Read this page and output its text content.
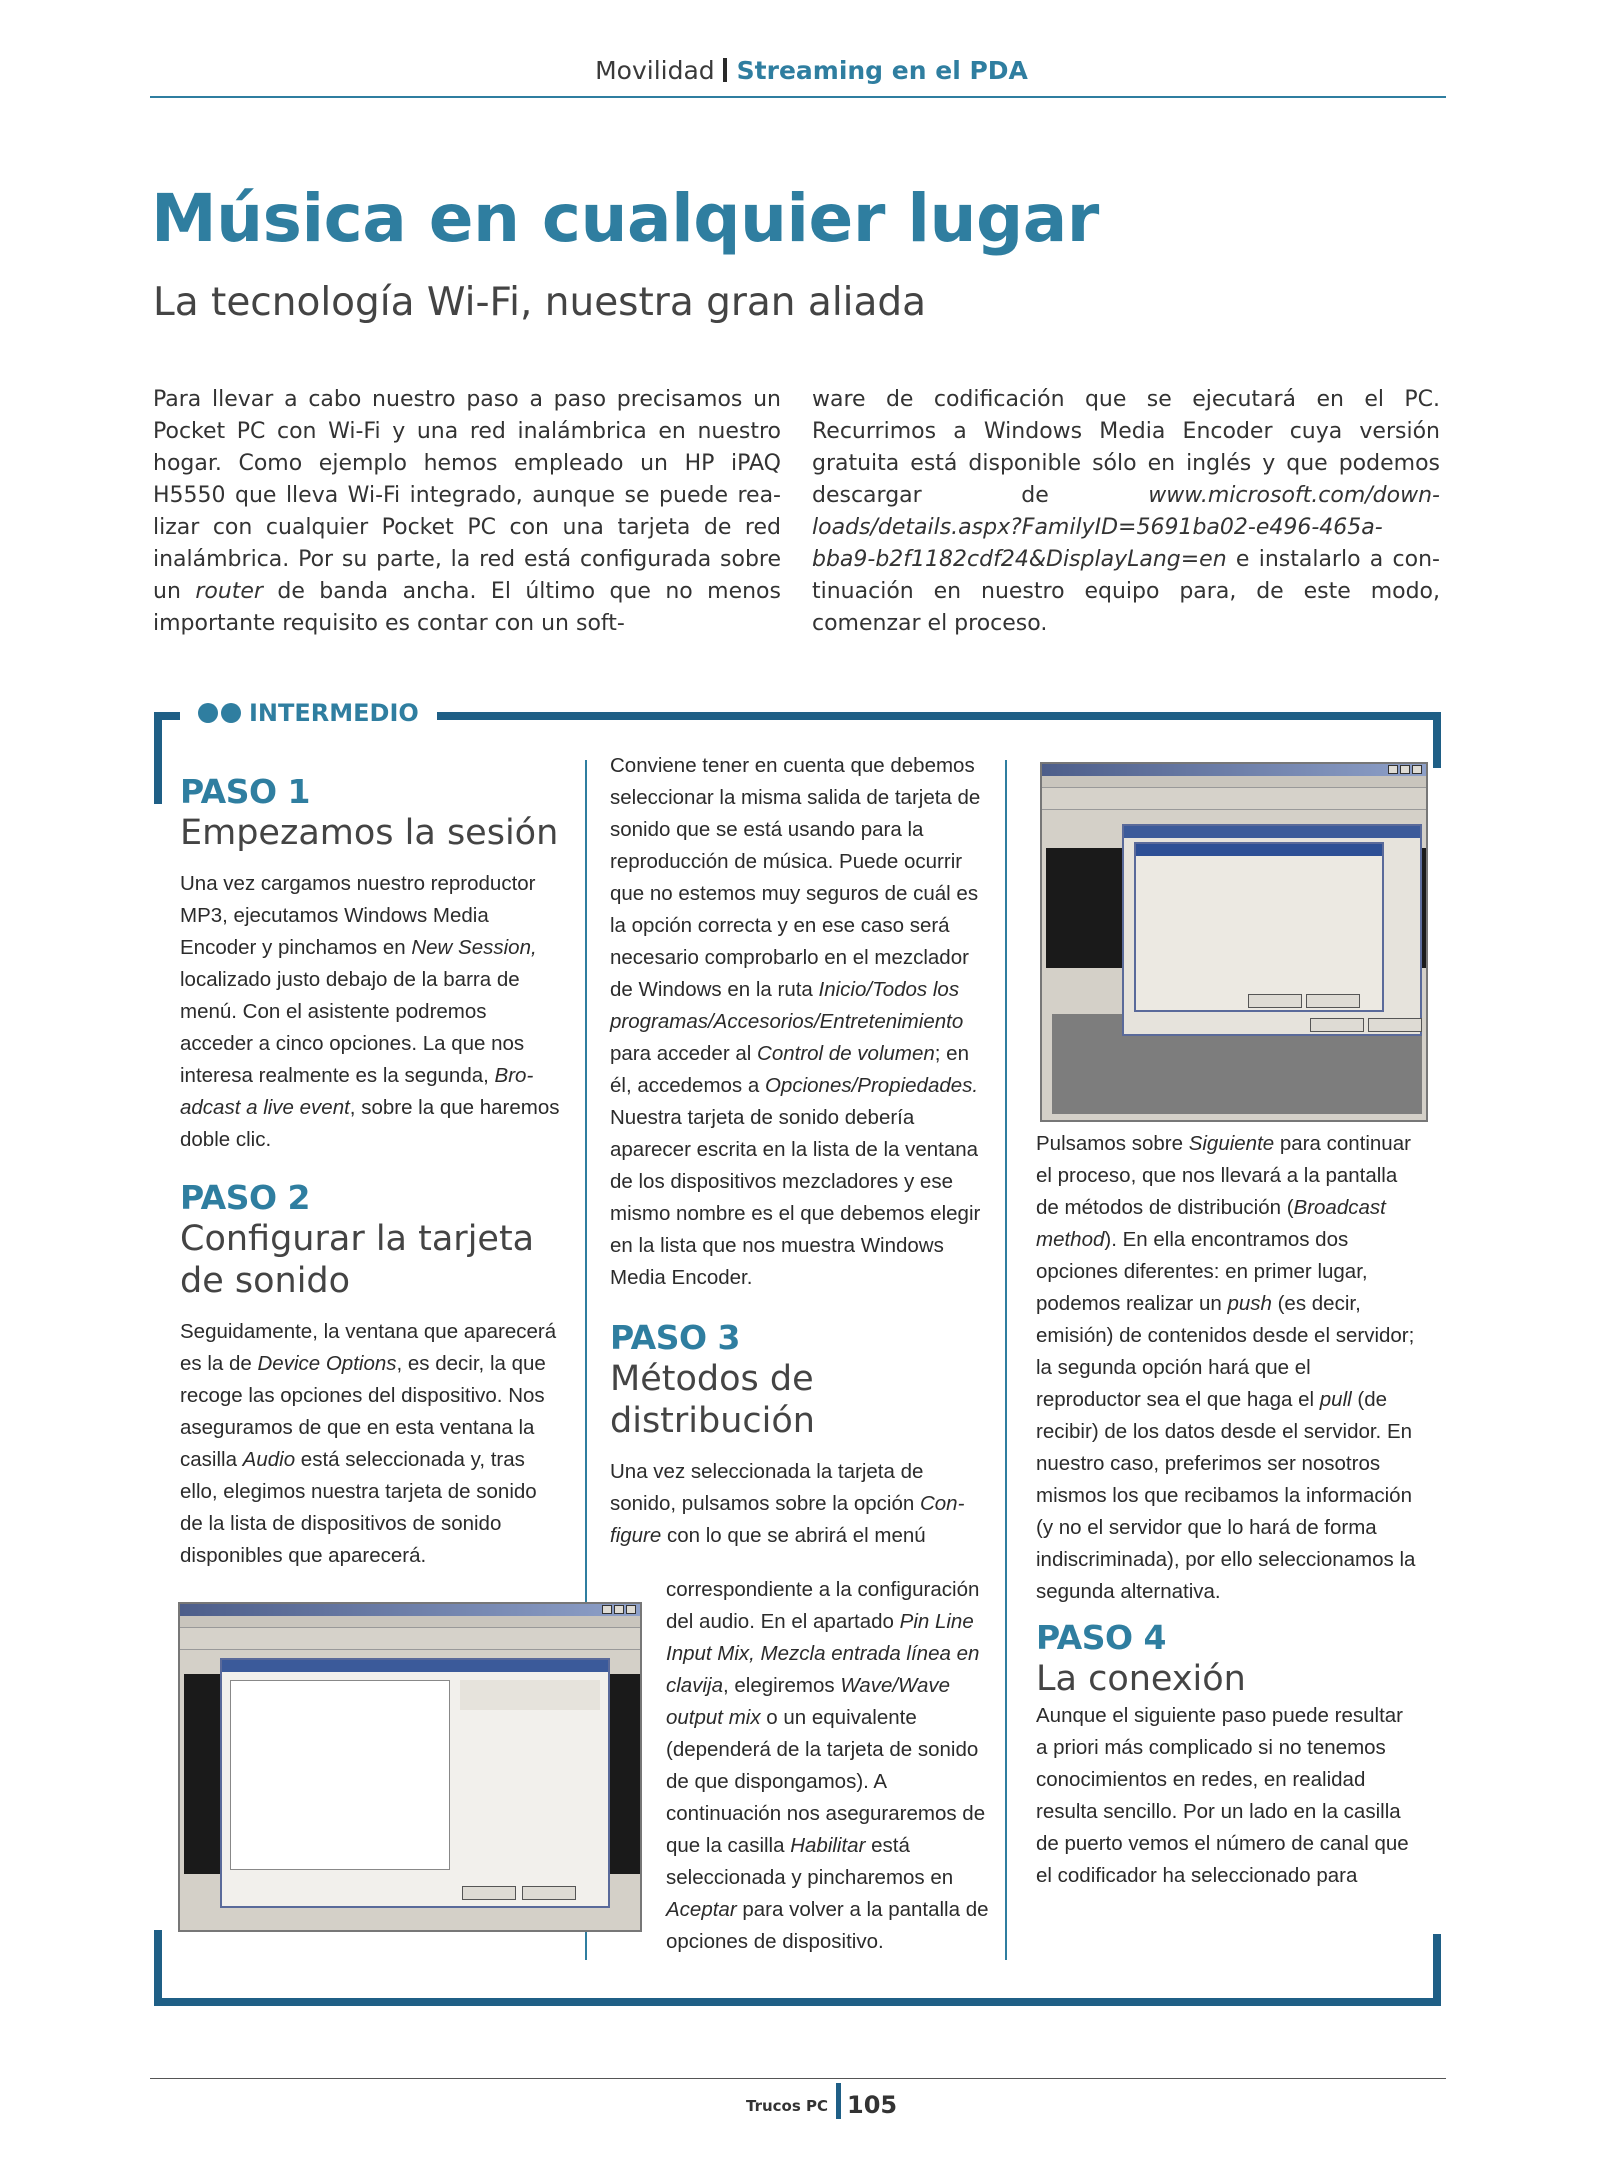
Movilidad Streaming en el PDA
Música en cualquier lugar
La tecnología Wi-Fi, nuestra gran aliada
Para llevar a cabo nuestro paso a paso precisamos un Pocket PC con Wi-Fi y una red inalámbrica en nuestro hogar. Como ejemplo hemos empleado un HP iPAQ H5550 que lleva Wi-Fi integrado, aunque se puede realizar con cualquier Pocket PC con una tarjeta de red inalámbrica. Por su parte, la red está configurada sobre un router de banda ancha. El último que no menos importante requisito es contar con un soft-
ware de codificación que se ejecutará en el PC. Recurrimos a Windows Media Encoder cuya versión gratuita está disponible sólo en inglés y que podemos descargar de www.microsoft.com/downloads/details.aspx?FamilyID=5691ba02-e496-465a-bba9-b2f1182cdf24&DisplayLang=en e instalarlo a continuación en nuestro equipo para, de este modo, comenzar el proceso.
INTERMEDIO
PASO 1
Empezamos la sesión

Una vez cargamos nuestro reproductor MP3, ejecutamos Windows Media Encoder y pinchamos en New Session, localizado justo debajo de la barra de menú. Con el asistente podremos acceder a cinco opciones. La que nos interesa realmente es la segunda, Broadcast a live event, sobre la que haremos doble clic.

PASO 2
Configurar la tarjeta de sonido

Seguidamente, la ventana que aparecerá es la de Device Options, es decir, la que recoge las opciones del dispositivo. Nos aseguramos de que en esta ventana la casilla Audio está seleccionada y, tras ello, elegimos nuestra tarjeta de sonido de la lista de dispositivos de sonido disponibles que aparecerá.

Conviene tener en cuenta que debemos seleccionar la misma salida de tarjeta de sonido que se está usando para la reproducción de música. Puede ocurrir que no estemos muy seguros de cuál es la opción correcta y en ese caso será necesario comprobarlo en el mezclador de Windows en la ruta Inicio/Todos los programas/Accesorios/Entretenimiento para acceder al Control de volumen; en él, accedemos a Opciones/Propiedades. Nuestra tarjeta de sonido debería aparecer escrita en la lista de la ventana de los dispositivos mezcladores y ese mismo nombre es el que debemos elegir en la lista que nos muestra Windows Media Encoder.

PASO 3
Métodos de distribución

Una vez seleccionada la tarjeta de sonido, pulsamos sobre la opción Configure con lo que se abrirá el menú

correspondiente a la configuración del audio. En el apartado Pin Line Input Mix, Mezcla entrada línea en clavija, elegiremos Wave/Wave output mix o un equivalente (dependerá de la tarjeta de sonido de que dispongamos). A continuación nos aseguraremos de que la casilla Habilitar está seleccionada y pincharemos en Aceptar para volver a la pantalla de opciones de dispositivo.

Pulsamos sobre Siguiente para continuar el proceso, que nos llevará a la pantalla de métodos de distribución (Broadcast method). En ella encontramos dos opciones diferentes: en primer lugar, podemos realizar un push (es decir, emisión) de contenidos desde el servidor; la segunda opción hará que el reproductor sea el que haga el pull (de recibir) de los datos desde el servidor. En nuestro caso, preferimos ser nosotros mismos los que recibamos la información (y no el servidor que lo hará de forma indiscriminada), por ello seleccionamos la segunda alternativa.

PASO 4
La conexión

Aunque el siguiente paso puede resultar a priori más complicado si no tenemos conocimientos en redes, en realidad resulta sencillo. Por un lado en la casilla de puerto vemos el número de canal que el codificador ha seleccionado para

Trucos PC 105
